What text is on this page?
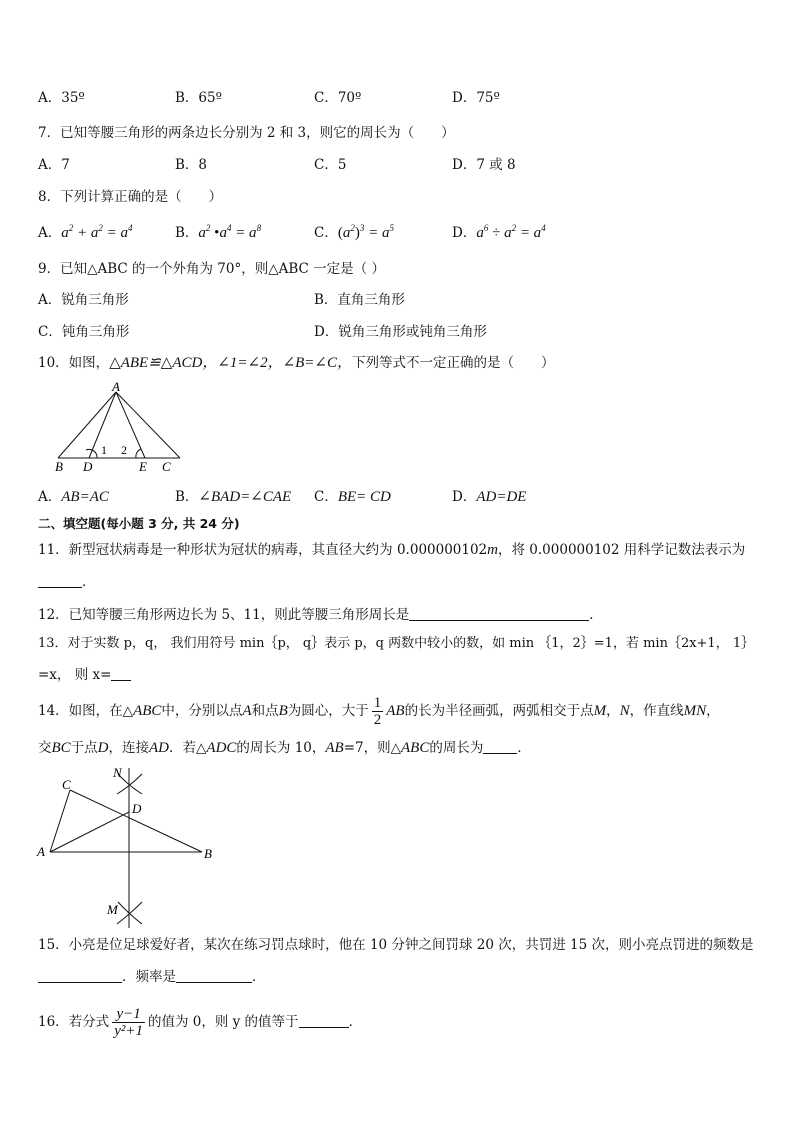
A．35º	B．65º	C．70º	D．75º
7．已知等腰三角形的两条边长分别为 2 和 3，则它的周长为（　　）
A．7	B．8	C．5	D．7 或 8
8．下列计算正确的是（　　）
A．$a^2 + a^2 = a^4$	B．$a^2$ $•a^4 = a^8$	C．$(a^2)^3 = a^5$	D．$a^6 \div a^2 = a^4$
9．已知△ABC 的一个外角为 70°，则△ABC 一定是（ ）
A．锐角三角形	B．直角三角形
C．钝角三角形	D．锐角三角形或钝角三角形
10．如图，△ABE≌△ACD，∠1=∠2，∠B=∠C，下列等式不一定正确的是（　　）
A
B D	E C
1 2
A．AB=AC	B．∠BAD=∠CAE C．BE= CD	D．AD=DE
二、填空题(每小题 3 分, 共 24 分)
11．新型冠状病毒是一种形状为冠状的病毒，其直径大约为 0.000000102m，将 0.000000102 用科学记数法表示为
．
12．已知等腰三角形两边长为 5、11，则此等腰三角形周长是	．
13．对于实数 p，q， 我们用符号 min｛p， q｝表示 p，q 两数中较小的数，如 min ｛1，2｝=1，若 min｛2x+1， 1｝
=x， 则 x=
14．如图，在△ABC中，分别以点A和点B为圆心，大于 $\frac{1}{2}$ AB的长为半径画弧，两弧相交于点M，N，作直线MN，
交BC于点D，连接AD．若△ADC的周长为 10，AB=7，则△ABC的周长为	．
C
N
D
A	B
M
15．小亮是位足球爱好者，某次在练习罚点球时，他在 10 分钟之间罚球 20 次，共罚进 15 次，则小亮点罚进的频数是
．频率是	．
16．若分式 $\frac{y-1}{\text{y²+1}}$ 的值为 0，则 y 的值等于	．
